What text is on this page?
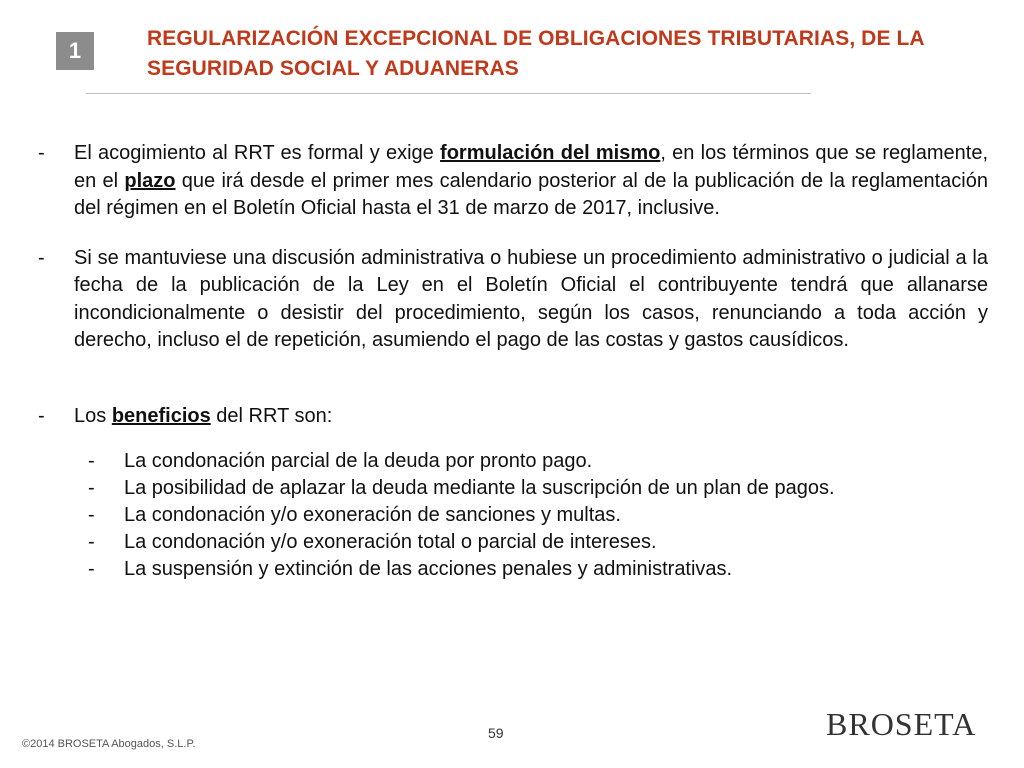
1	REGULARIZACIÓN EXCEPCIONAL DE OBLIGACIONES TRIBUTARIAS, DE LA
SEGURIDAD SOCIAL Y ADUANERAS
-	El acogimiento al RRT es formal y exige formulación del mismo, en los términos que se reglamente, en el plazo que irá desde el primer mes calendario posterior al de la publicación de la reglamentación del régimen en el Boletín Oficial hasta el 31 de marzo de 2017, inclusive.
-	Si se mantuviese una discusión administrativa o hubiese un procedimiento administrativo o judicial a la fecha de la publicación de la Ley en el Boletín Oficial el contribuyente tendrá que allanarse incondicionalmente o desistir del procedimiento, según los casos, renunciando a toda acción y derecho, incluso el de repetición, asumiendo el pago de las costas y gastos causídicos.
-	Los beneficios del RRT son:
-	La condonación parcial de la deuda por pronto pago.
-	La posibilidad de aplazar la deuda mediante la suscripción de un plan de pagos.
-	La condonación y/o exoneración de sanciones y multas.
-	La condonación y/o exoneración total o parcial de intereses.
-	La suspensión y extinción de las acciones penales y administrativas.
©2014 BROSETA Abogados, S.L.P.
59	BROSETA
